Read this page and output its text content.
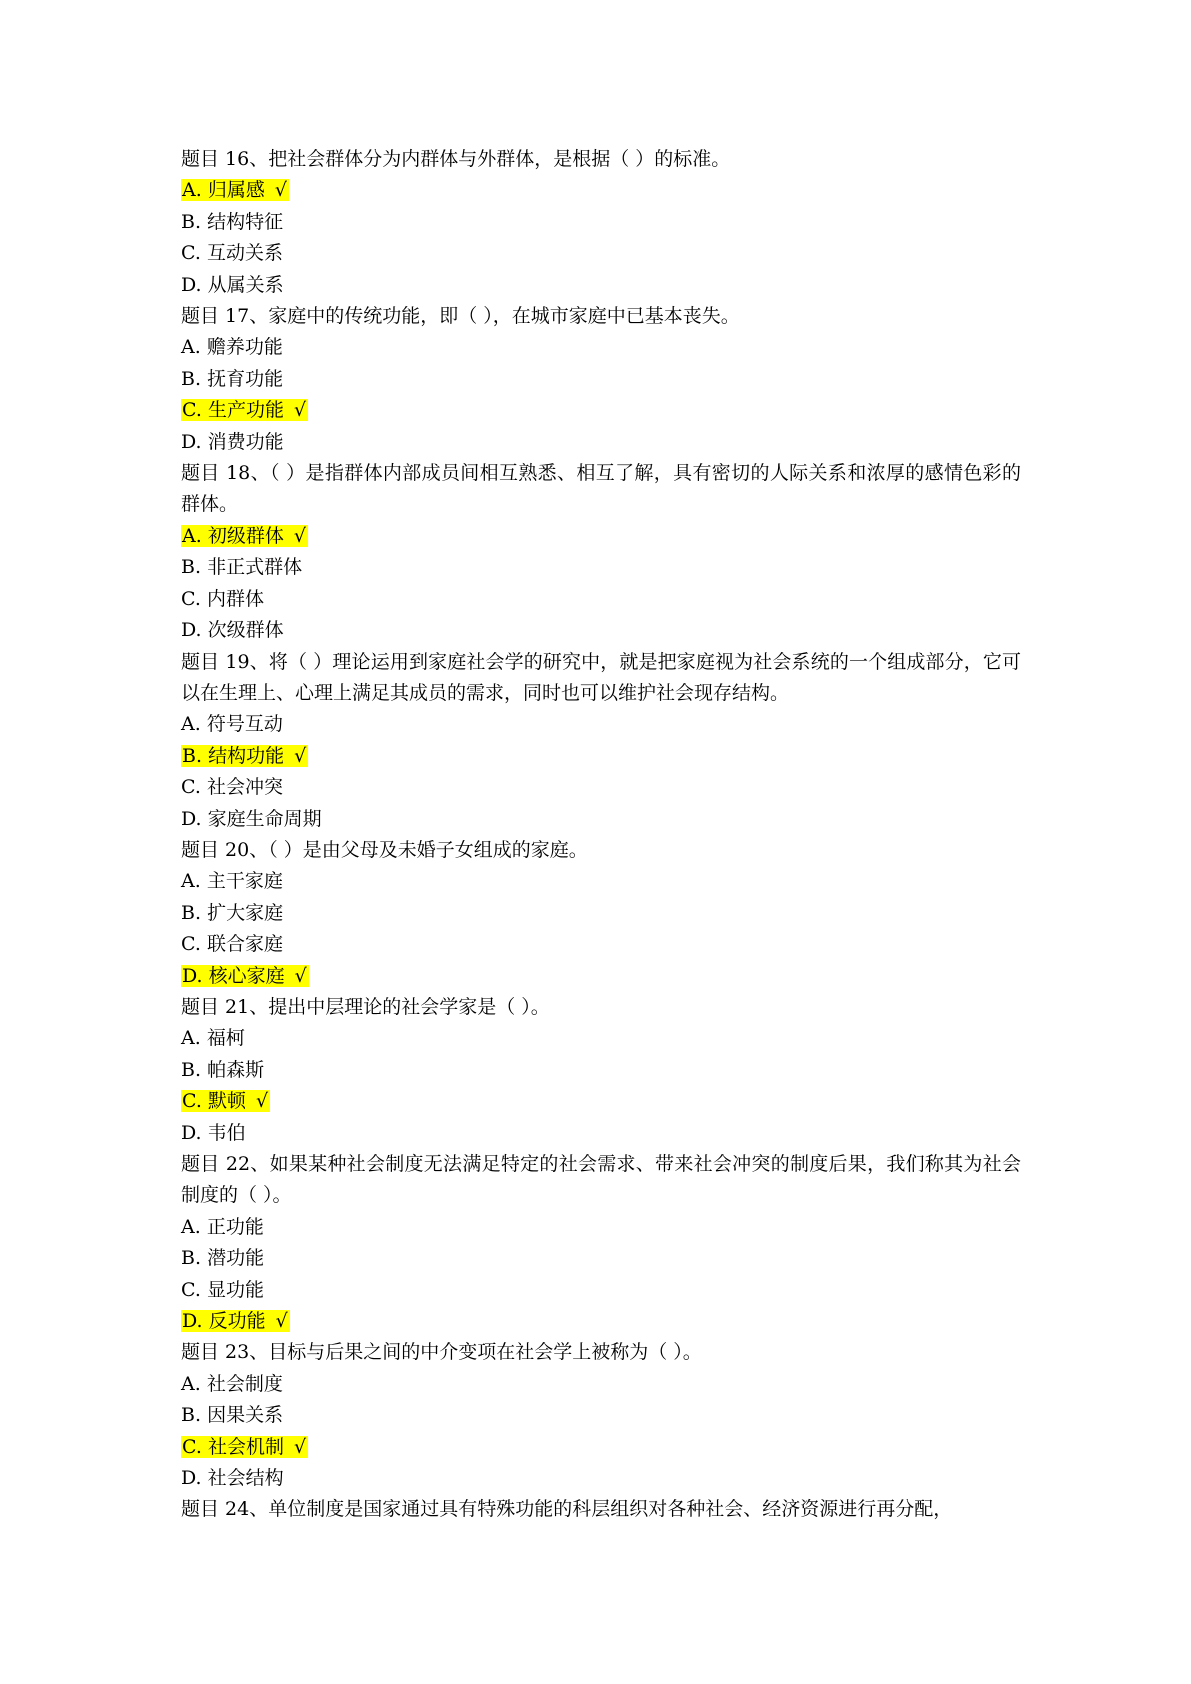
题目 16、把社会群体分为内群体与外群体，是根据（ ）的标准。
A. 归属感 √
B. 结构特征
C. 互动关系
D. 从属关系
题目 17、家庭中的传统功能，即（ ），在城市家庭中已基本丧失。
A. 赡养功能
B. 抚育功能
C. 生产功能 √
D. 消费功能
题目 18、（ ）是指群体内部成员间相互熟悉、相互了解，具有密切的人际关系和浓厚的感情色彩的群体。
A. 初级群体 √
B. 非正式群体
C. 内群体
D. 次级群体
题目 19、将（ ）理论运用到家庭社会学的研究中，就是把家庭视为社会系统的一个组成部分，它可以在生理上、心理上满足其成员的需求，同时也可以维护社会现存结构。
A. 符号互动
B. 结构功能 √
C. 社会冲突
D. 家庭生命周期
题目 20、（ ）是由父母及未婚子女组成的家庭。
A. 主干家庭
B. 扩大家庭
C. 联合家庭
D. 核心家庭 √
题目 21、提出中层理论的社会学家是（ ）。
A. 福柯
B. 帕森斯
C. 默顿 √
D. 韦伯
题目 22、如果某种社会制度无法满足特定的社会需求、带来社会冲突的制度后果，我们称其为社会制度的（ ）。
A. 正功能
B. 潜功能
C. 显功能
D. 反功能 √
题目 23、目标与后果之间的中介变项在社会学上被称为（ ）。
A. 社会制度
B. 因果关系
C. 社会机制 √
D. 社会结构
题目 24、单位制度是国家通过具有特殊功能的科层组织对各种社会、经济资源进行再分配，
